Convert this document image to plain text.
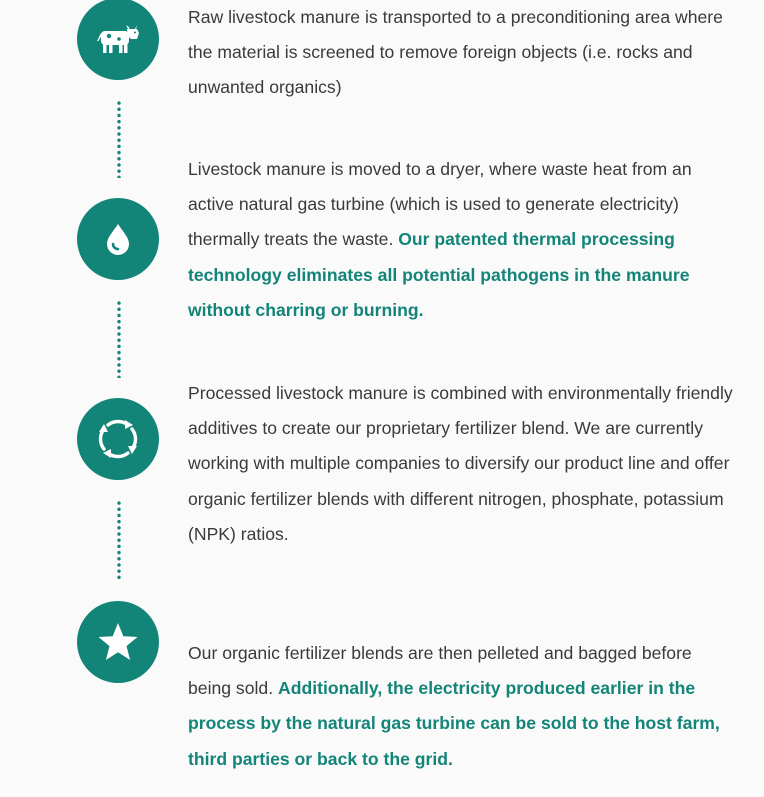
Raw livestock manure is transported to a preconditioning area where the material is screened to remove foreign objects (i.e. rocks and unwanted organics)
Livestock manure is moved to a dryer, where waste heat from an active natural gas turbine (which is used to generate electricity) thermally treats the waste. Our patented thermal processing technology eliminates all potential pathogens in the manure without charring or burning.
Processed livestock manure is combined with environmentally friendly additives to create our proprietary fertilizer blend. We are currently working with multiple companies to diversify our product line and offer organic fertilizer blends with different nitrogen, phosphate, potassium (NPK) ratios.
Our organic fertilizer blends are then pelleted and bagged before being sold. Additionally, the electricity produced earlier in the process by the natural gas turbine can be sold to the host farm, third parties or back to the grid.
